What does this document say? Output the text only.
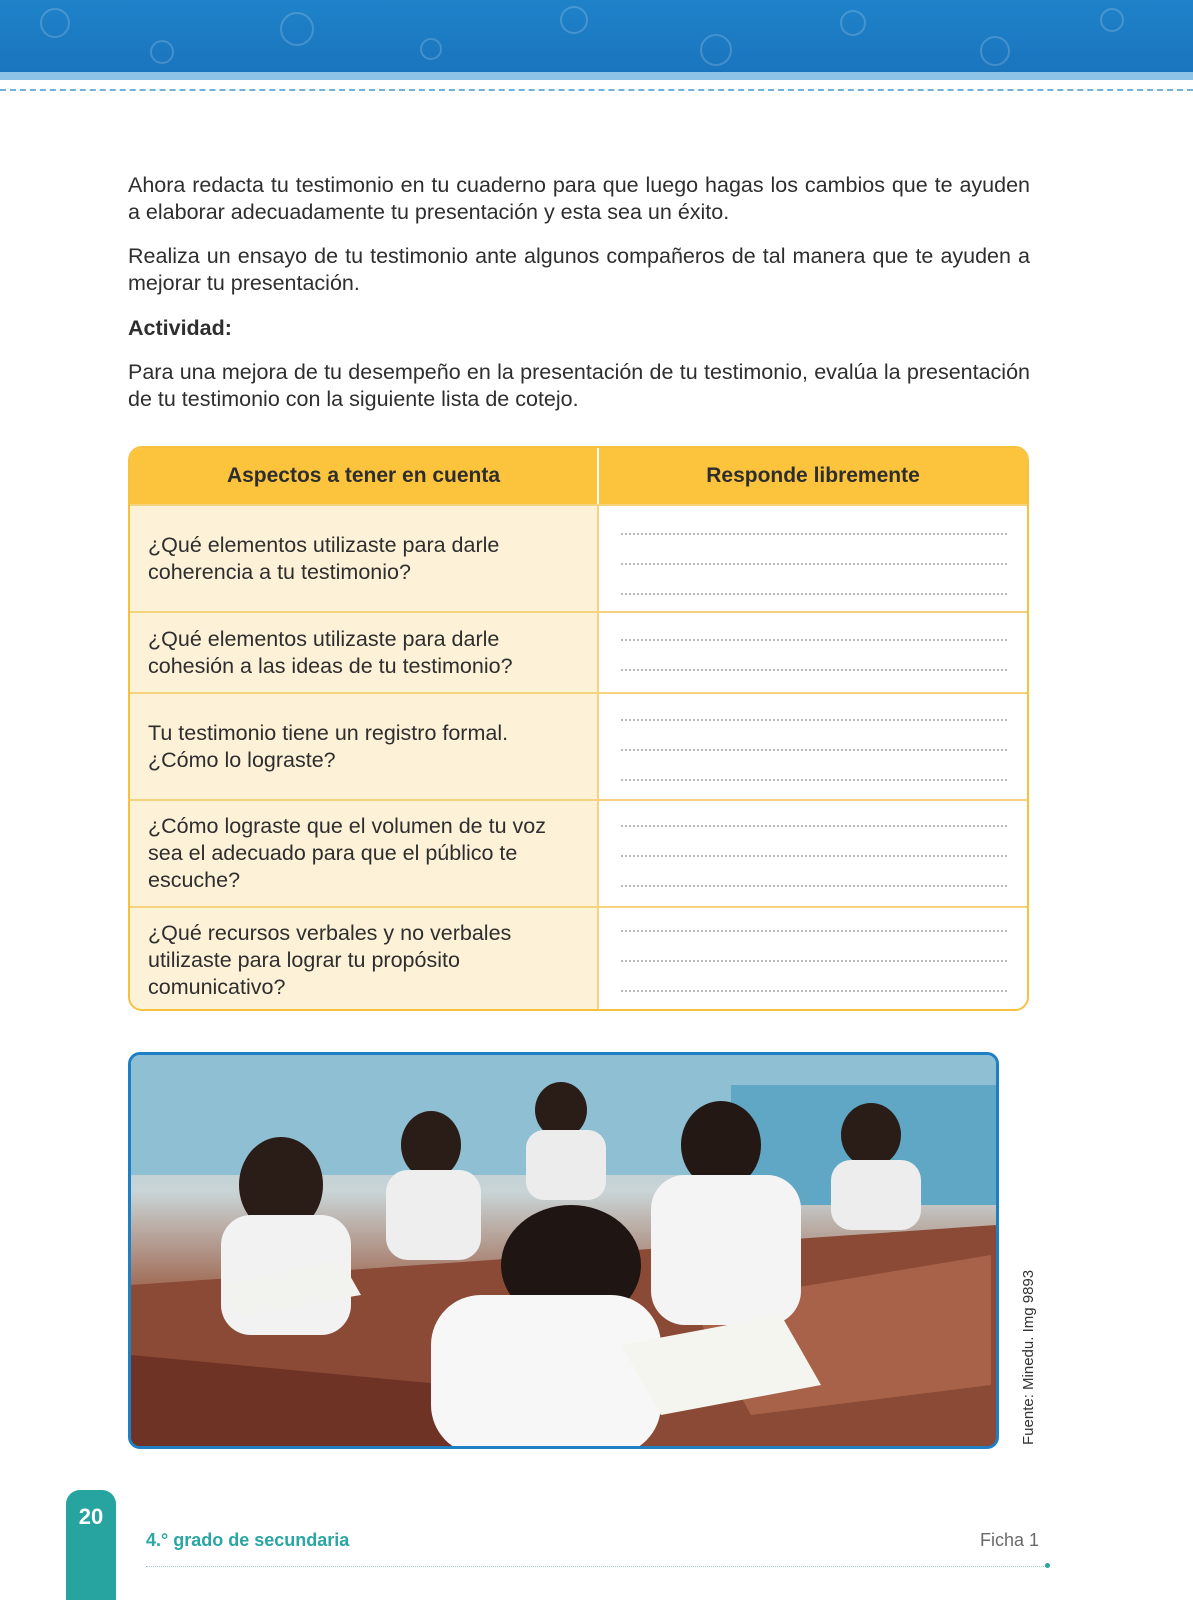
Ahora redacta tu testimonio en tu cuaderno para que luego hagas los cambios que te ayuden a elaborar adecuadamente tu presentación y esta sea un éxito.
Realiza un ensayo de tu testimonio ante algunos compañeros de tal manera que te ayuden a mejorar tu presentación.
Actividad:
Para una mejora de tu desempeño en la presentación de tu testimonio, evalúa la presentación de tu testimonio con la siguiente lista de cotejo.
Aspectos a tener en cuenta	Responde libremente
¿Qué elementos utilizaste para darle coherencia a tu testimonio?
¿Qué elementos utilizaste para darle cohesión a las ideas de tu testimonio?
Tu testimonio tiene un registro formal. ¿Cómo lo lograste?
¿Cómo lograste que el volumen de tu voz sea el adecuado para que el público te escuche?
¿Qué recursos verbales y no verbales utilizaste para lograr tu propósito comunicativo?
Fuente: Minedu. Img 9893
20
4.° grado de secundaria	Ficha 1
